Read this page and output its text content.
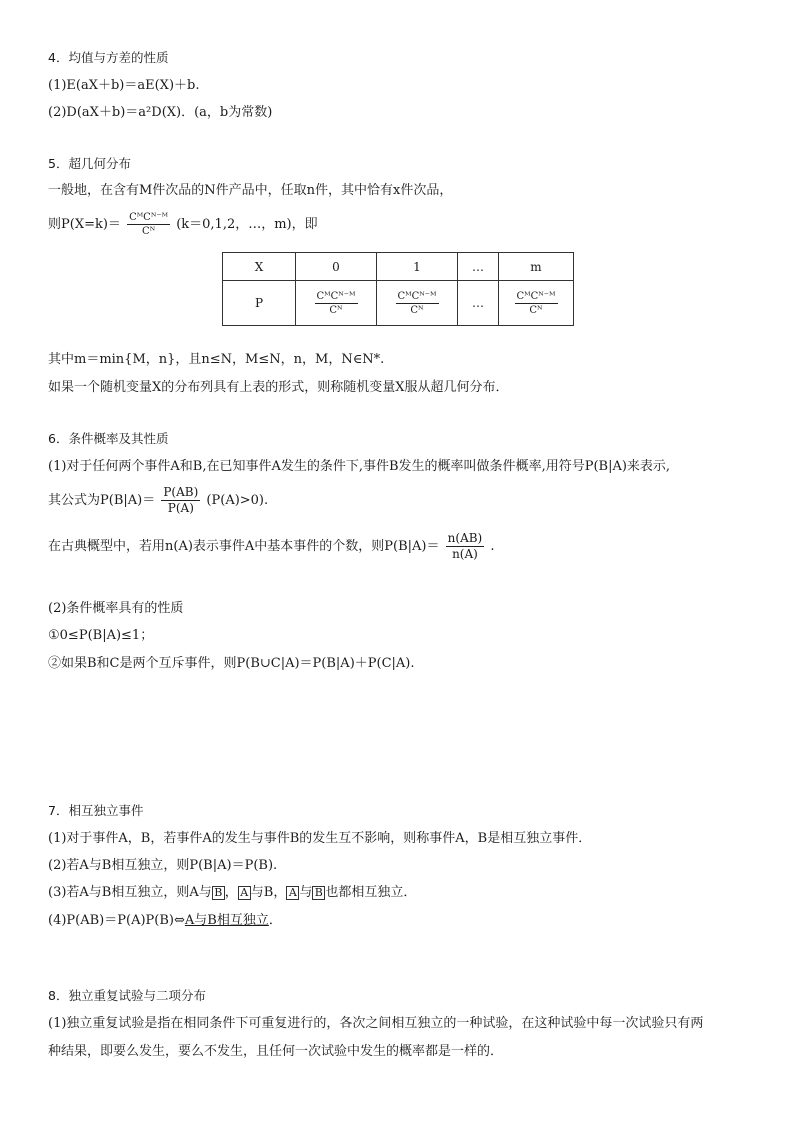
4．均值与方差的性质
(1)E(aX＋b)＝aE(X)＋b.
(2)D(aX＋b)＝a²D(X)．(a，b为常数)
5．超几何分布
一般地，在含有M件次品的N件产品中，任取n件，其中恰有x件次品，
则$P(X=k)= \frac{\text{CᴹCᴺ⁻ᴹ}}{\text{Cᴺ}} (k=0,1,2$，…，m)，即
X	0	1	…	m
P	$\frac{\text{CᴹCᴺ⁻ᴹ}}{\text{Cᴺ}}$	$\frac{\text{CᴹCᴺ⁻ᴹ}}{\text{Cᴺ}}$	…	$\frac{\text{CᴹCᴺ⁻ᴹ}}{\text{Cᴺ}}$
其中m＝min{M，n}，且n≤N，M≤N，n，M，N∈N*.
如果一个随机变量X的分布列具有上表的形式，则称随机变量X服从超几何分布．
6．条件概率及其性质
(1)对于任何两个事件A和B,在已知事件A发生的条件下,事件B发生的概率叫做条件概率,用符号P(B|A)来表示,
其公式为$P(B|A)= \frac{P(AB)}{P(A)} (P(A)>0)$.
在古典概型中，若用n(A)表示事件A中基本事件的个数，则$P(B|A)= \frac{n(AB)}{n(A)}$ .
(2)条件概率具有的性质
①0≤P(B|A)≤1；
②如果B和C是两个互斥事件，则P(B∪C|A)＝P(B|A)＋P(C|A).
7．相互独立事件
(1)对于事件A，B，若事件A的发生与事件B的发生互不影响，则称事件A，B是相互独立事件．
(2)若A与B相互独立，则P(B|A)＝P(B).
(3)若A与B相互独立，则A与 B ， A 与B， A 与 B 也都相互独立．
(4)P(AB)＝P(A)P(B)⇔A与B相互独立．
8．独立重复试验与二项分布
(1)独立重复试验是指在相同条件下可重复进行的，各次之间相互独立的一种试验，在这种试验中每一次试验只有两
种结果，即要么发生，要么不发生，且任何一次试验中发生的概率都是一样的．
